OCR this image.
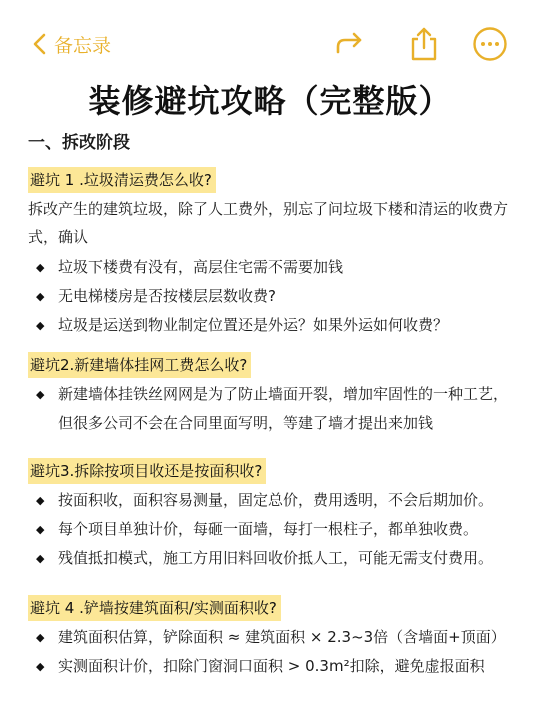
备忘录
装修避坑攻略（完整版）
一、拆改阶段
避坑 1 .垃圾清运费怎么收?
拆改产生的建筑垃圾，除了人工费外，别忘了问垃圾下楼和清运的收费方式，确认
◆ 垃圾下楼费有没有，高层住宅需不需要加钱
◆ 无电梯楼房是否按楼层层数收费?
◆ 垃圾是运送到物业制定位置还是外运？如果外运如何收费？
避坑2.新建墙体挂网工费怎么收?
◆ 新建墙体挂铁丝网网是为了防止墙面开裂，增加牢固性的一种工艺，但很多公司不会在合同里面写明，等建了墙才提出来加钱
避坑3.拆除按项目收还是按面积收?
◆ 按面积收，面积容易测量，固定总价，费用透明，不会后期加价。
◆ 每个项目单独计价，每砸一面墙，每打一根柱子，都单独收费。
◆ 残值抵扣模式，施工方用旧料回收价抵人工，可能无需支付费用。
避坑 4 .铲墙按建筑面积/实测面积收?
◆ 建筑面积估算，铲除面积 ≈ 建筑面积 × 2.3~3倍（含墙面+顶面）
◆ 实测面积计价，扣除门窗洞口面积 > 0.3m²扣除，避免虚报面积
